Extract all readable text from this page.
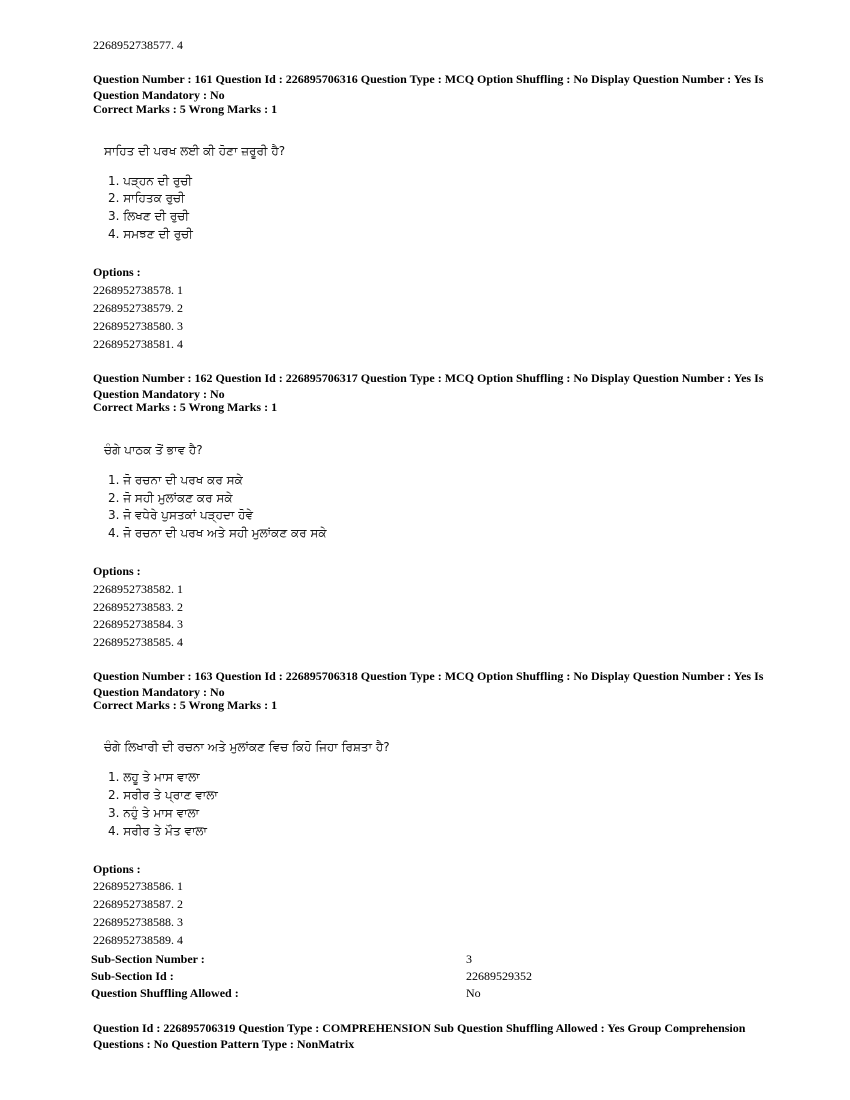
2268952738577. 4
Question Number : 161 Question Id : 226895706316 Question Type : MCQ Option Shuffling : No Display Question Number : Yes Is Question Mandatory : No
Correct Marks : 5 Wrong Marks : 1
ਸਾਹਿਤ ਦੀ ਪਰਖ ਲਈ ਕੀ ਹੋਣਾ ਜ਼ਰੂਰੀ ਹੈ?
1. ਪੜ੍ਹਨ ਦੀ ਰੁਚੀ
2. ਸਾਹਿਤਕ ਰੁਚੀ
3. ਲਿਖਣ ਦੀ ਰੁਚੀ
4. ਸਮਝਣ ਦੀ ਰੁਚੀ
Options :
2268952738578. 1
2268952738579. 2
2268952738580. 3
2268952738581. 4
Question Number : 162 Question Id : 226895706317 Question Type : MCQ Option Shuffling : No Display Question Number : Yes Is Question Mandatory : No
Correct Marks : 5 Wrong Marks : 1
ਚੰਗੇ ਪਾਠਕ ਤੋਂ ਭਾਵ ਹੈ?
1. ਜੋ ਰਚਨਾ ਦੀ ਪਰਖ ਕਰ ਸਕੇ
2. ਜੋ ਸਹੀ ਮੁਲਾਂਕਣ ਕਰ ਸਕੇ
3. ਜੋ ਵਧੇਰੇ ਪੁਸਤਕਾਂ ਪੜ੍ਹਦਾ ਹੋਵੇ
4. ਜੋ ਰਚਨਾ ਦੀ ਪਰਖ ਅਤੇ ਸਹੀ ਮੁਲਾਂਕਣ ਕਰ ਸਕੇ
Options :
2268952738582. 1
2268952738583. 2
2268952738584. 3
2268952738585. 4
Question Number : 163 Question Id : 226895706318 Question Type : MCQ Option Shuffling : No Display Question Number : Yes Is Question Mandatory : No
Correct Marks : 5 Wrong Marks : 1
ਚੰਗੇ ਲਿਖਾਰੀ ਦੀ ਰਚਨਾ ਅਤੇ ਮੁਲਾਂਕਣ ਵਿਚ ਕਿਹੋ ਜਿਹਾ ਰਿਸ਼ਤਾ ਹੈ?
1. ਲਹੂ ਤੇ ਮਾਸ ਵਾਲਾ
2. ਸਰੀਰ ਤੇ ਪ੍ਰਾਣ ਵਾਲਾ
3. ਨਹੁੰ ਤੇ ਮਾਸ ਵਾਲਾ
4. ਸਰੀਰ ਤੇ ਮੌਤ ਵਾਲਾ
Options :
2268952738586. 1
2268952738587. 2
2268952738588. 3
2268952738589. 4
Sub-Section Number :	3
Sub-Section Id :	22689529352
Question Shuffling Allowed :	No
Question Id : 226895706319 Question Type : COMPREHENSION Sub Question Shuffling Allowed : Yes Group Comprehension Questions : No Question Pattern Type : NonMatrix
